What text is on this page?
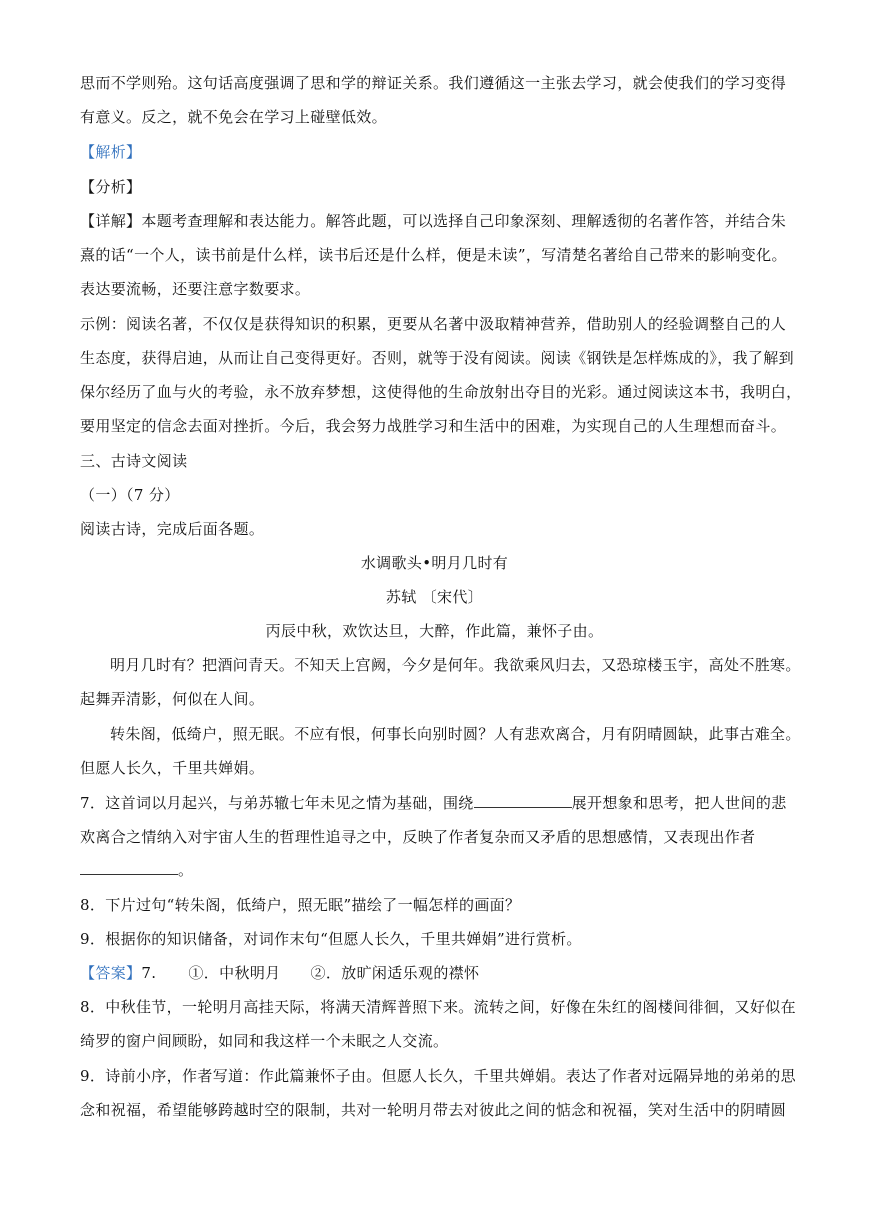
思而不学则殆。这句话高度强调了思和学的辩证关系。我们遵循这一主张去学习，就会使我们的学习变得
有意义。反之，就不免会在学习上碰壁低效。
【解析】
【分析】
【详解】本题考查理解和表达能力。解答此题，可以选择自己印象深刻、理解透彻的名著作答，并结合朱
熹的话“一个人，读书前是什么样，读书后还是什么样，便是未读”，写清楚名著给自己带来的影响变化。
表达要流畅，还要注意字数要求。
示例：阅读名著，不仅仅是获得知识的积累，更要从名著中汲取精神营养，借助别人的经验调整自己的人
生态度，获得启迪，从而让自己变得更好。否则，就等于没有阅读。阅读《钢铁是怎样炼成的》，我了解到
保尔经历了血与火的考验，永不放弃梦想，这使得他的生命放射出夺目的光彩。通过阅读这本书，我明白，
要用坚定的信念去面对挫折。今后，我会努力战胜学习和生活中的困难，为实现自己的人生理想而奋斗。
三、古诗文阅读
（一）（7 分）
阅读古诗，完成后面各题。
水调歌头•明月几时有
苏轼 〔宋代〕
丙辰中秋，欢饮达旦，大醉，作此篇，兼怀子由。
明月几时有？把酒问青天。不知天上宫阙，今夕是何年。我欲乘风归去，又恐琼楼玉宇，高处不胜寒。
起舞弄清影，何似在人间。
转朱阁，低绮户，照无眠。不应有恨，何事长向别时圆？人有悲欢离合，月有阴晴圆缺，此事古难全。
但愿人长久，千里共婵娟。
7．这首词以月起兴，与弟苏辙七年未见之情为基础，围绕	展开想象和思考，把人世间的悲
欢离合之情纳入对宇宙人生的哲理性追寻之中，反映了作者复杂而又矛盾的思想感情，又表现出作者
。
8．下片过句“转朱阁，低绮户，照无眠”描绘了一幅怎样的画面？
9．根据你的知识储备，对词作末句“但愿人长久，千里共婵娟”进行赏析。
【答案】7. ①．中秋明月 ②．放旷闲适乐观的襟怀
8．中秋佳节，一轮明月高挂天际，将满天清辉普照下来。流转之间，好像在朱红的阁楼间徘徊，又好似在
绮罗的窗户间顾盼，如同和我这样一个未眠之人交流。
9．诗前小序，作者写道：作此篇兼怀子由。但愿人长久，千里共婵娟。表达了作者对远隔异地的弟弟的思
念和祝福，希望能够跨越时空的限制，共对一轮明月带去对彼此之间的惦念和祝福，笑对生活中的阴晴圆
